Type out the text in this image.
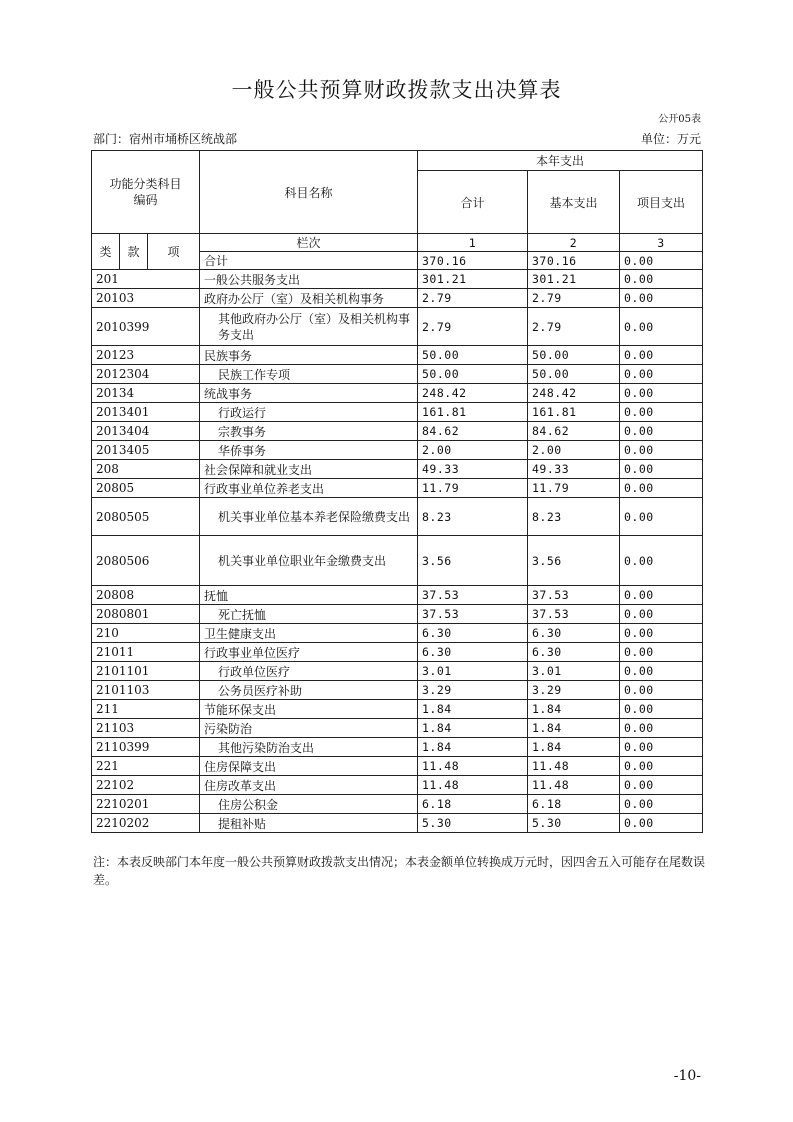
一般公共预算财政拨款支出决算表
公开05表
部门：宿州市埇桥区统战部	单位：万元
功能分类科目编码			科目名称	本年支出		
				合计	基本支出	项目支出
类	款	项	栏次	1	2	3
			合计	370.16	370.16	0.00
201			一般公共服务支出	301.21	301.21	0.00
20103			政府办公厅（室）及相关机构事务	2.79	2.79	0.00
2010399			其他政府办公厅（室）及相关机构事务支出	2.79	2.79	0.00
20123			民族事务	50.00	50.00	0.00
2012304			民族工作专项	50.00	50.00	0.00
20134			统战事务	248.42	248.42	0.00
2013401			行政运行	161.81	161.81	0.00
2013404			宗教事务	84.62	84.62	0.00
2013405			华侨事务	2.00	2.00	0.00
208			社会保障和就业支出	49.33	49.33	0.00
20805			行政事业单位养老支出	11.79	11.79	0.00
2080505			机关事业单位基本养老保险缴费支出	8.23	8.23	0.00
2080506			机关事业单位职业年金缴费支出	3.56	3.56	0.00
20808			抚恤	37.53	37.53	0.00
2080801			死亡抚恤	37.53	37.53	0.00
210			卫生健康支出	6.30	6.30	0.00
21011			行政事业单位医疗	6.30	6.30	0.00
2101101			行政单位医疗	3.01	3.01	0.00
2101103			公务员医疗补助	3.29	3.29	0.00
211			节能环保支出	1.84	1.84	0.00
21103			污染防治	1.84	1.84	0.00
2110399			其他污染防治支出	1.84	1.84	0.00
221			住房保障支出	11.48	11.48	0.00
22102			住房改革支出	11.48	11.48	0.00
2210201			住房公积金	6.18	6.18	0.00
2210202			提租补贴	5.30	5.30	0.00
注：本表反映部门本年度一般公共预算财政拨款支出情况；本表金额单位转换成万元时，因四舍五入可能存在尾数误差。
-10-
